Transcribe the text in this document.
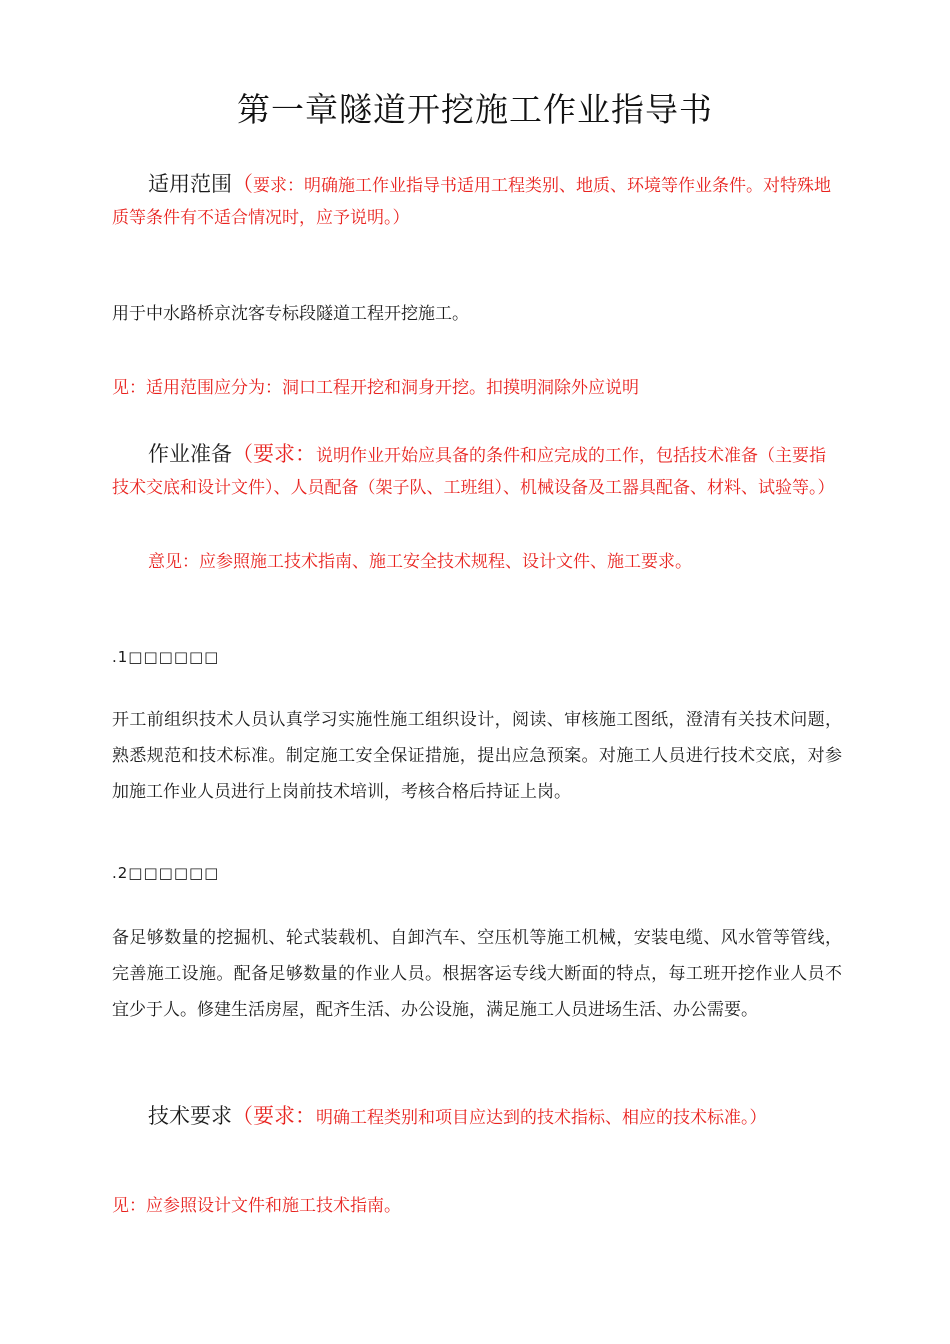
第一章隧道开挖施工作业指导书
适用范围（要求：明确施工作业指导书适用工程类别、地质、环境等作业条件。对特殊地质等条件有不适合情况时，应予说明。）
用于中水路桥京沈客专标段隧道工程开挖施工。
见：适用范围应分为：洞口工程开挖和洞身开挖。扣摸明洞除外应说明
作业准备（要求：说明作业开始应具备的条件和应完成的工作，包括技术准备（主要指技术交底和设计文件）、人员配备（架子队、工班组）、机械设备及工器具配备、材料、试验等。）
意见：应参照施工技术指南、施工安全技术规程、设计文件、施工要求。
.1□□□□□□
开工前组织技术人员认真学习实施性施工组织设计，阅读、审核施工图纸，澄清有关技术问题，熟悉规范和技术标准。制定施工安全保证措施，提出应急预案。对施工人员进行技术交底，对参加施工作业人员进行上岗前技术培训，考核合格后持证上岗。
.2□□□□□□
备足够数量的挖掘机、轮式装载机、自卸汽车、空压机等施工机械，安装电缆、风水管等管线，完善施工设施。配备足够数量的作业人员。根据客运专线大断面的特点，每工班开挖作业人员不宜少于人。修建生活房屋，配齐生活、办公设施，满足施工人员进场生活、办公需要。
技术要求（要求：明确工程类别和项目应达到的技术指标、相应的技术标准。）
见：应参照设计文件和施工技术指南。
